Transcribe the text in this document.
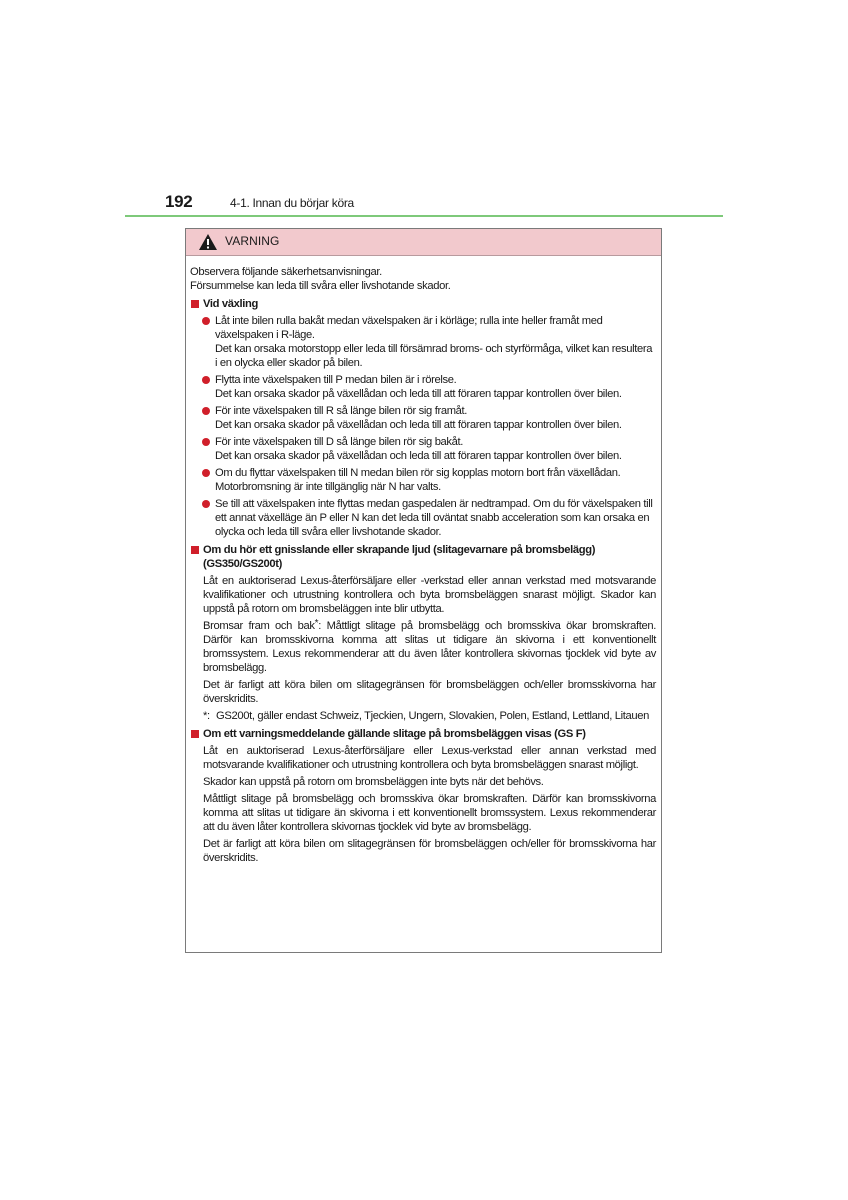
192	4-1. Innan du börjar köra
VARNING

Observera följande säkerhetsanvisningar.

Försummelse kan leda till svåra eller livshotande skador.

Vid växling

Låt inte bilen rulla bakåt medan växelspaken är i körläge; rulla inte heller framåt med växelspaken i R-läge.

Det kan orsaka motorstopp eller leda till försämrad broms- och styrförmåga, vilket kan resultera i en olycka eller skador på bilen.

Flytta inte växelspaken till P medan bilen är i rörelse.

Det kan orsaka skador på växellådan och leda till att föraren tappar kontrollen över bilen.

För inte växelspaken till R så länge bilen rör sig framåt.

Det kan orsaka skador på växellådan och leda till att föraren tappar kontrollen över bilen.

För inte växelspaken till D så länge bilen rör sig bakåt.

Det kan orsaka skador på växellådan och leda till att föraren tappar kontrollen över bilen.

Om du flyttar växelspaken till N medan bilen rör sig kopplas motorn bort från växellådan. Motorbromsning är inte tillgänglig när N har valts.

Se till att växelspaken inte flyttas medan gaspedalen är nedtrampad. Om du för växelspaken till ett annat växelläge än P eller N kan det leda till oväntat snabb acceleration som kan orsaka en olycka och leda till svåra eller livshotande skador.

Om du hör ett gnisslande eller skrapande ljud (slitagevarnare på bromsbelägg) (GS350/GS200t)

Låt en auktoriserad Lexus-återförsäljare eller -verkstad eller annan verkstad med motsvarande kvalifikationer och utrustning kontrollera och byta bromsbeläggen snarast möjligt. Skador kan uppstå på rotorn om bromsbeläggen inte blir utbytta.

Bromsar fram och bak*: Måttligt slitage på bromsbelägg och bromsskiva ökar bromskraften. Därför kan bromsskivorna komma att slitas ut tidigare än skivorna i ett konventionellt bromssystem. Lexus rekommenderar att du även låter kontrollera skivornas tjocklek vid byte av bromsbelägg.

Det är farligt att köra bilen om slitagegränsen för bromsbeläggen och/eller bromsskivorna har överskridits.

*: GS200t, gäller endast Schweiz, Tjeckien, Ungern, Slovakien, Polen, Estland, Lettland, Litauen

Om ett varningsmeddelande gällande slitage på bromsbeläggen visas (GS F)

Låt en auktoriserad Lexus-återförsäljare eller Lexus-verkstad eller annan verkstad med motsvarande kvalifikationer och utrustning kontrollera och byta bromsbeläggen snarast möjligt.

Skador kan uppstå på rotorn om bromsbeläggen inte byts när det behövs.

Måttligt slitage på bromsbelägg och bromsskiva ökar bromskraften. Därför kan bromsskivorna komma att slitas ut tidigare än skivorna i ett konventionellt bromssystem. Lexus rekommenderar att du även låter kontrollera skivornas tjocklek vid byte av bromsbelägg.

Det är farligt att köra bilen om slitagegränsen för bromsbeläggen och/eller för bromsskivorna har överskridits.
